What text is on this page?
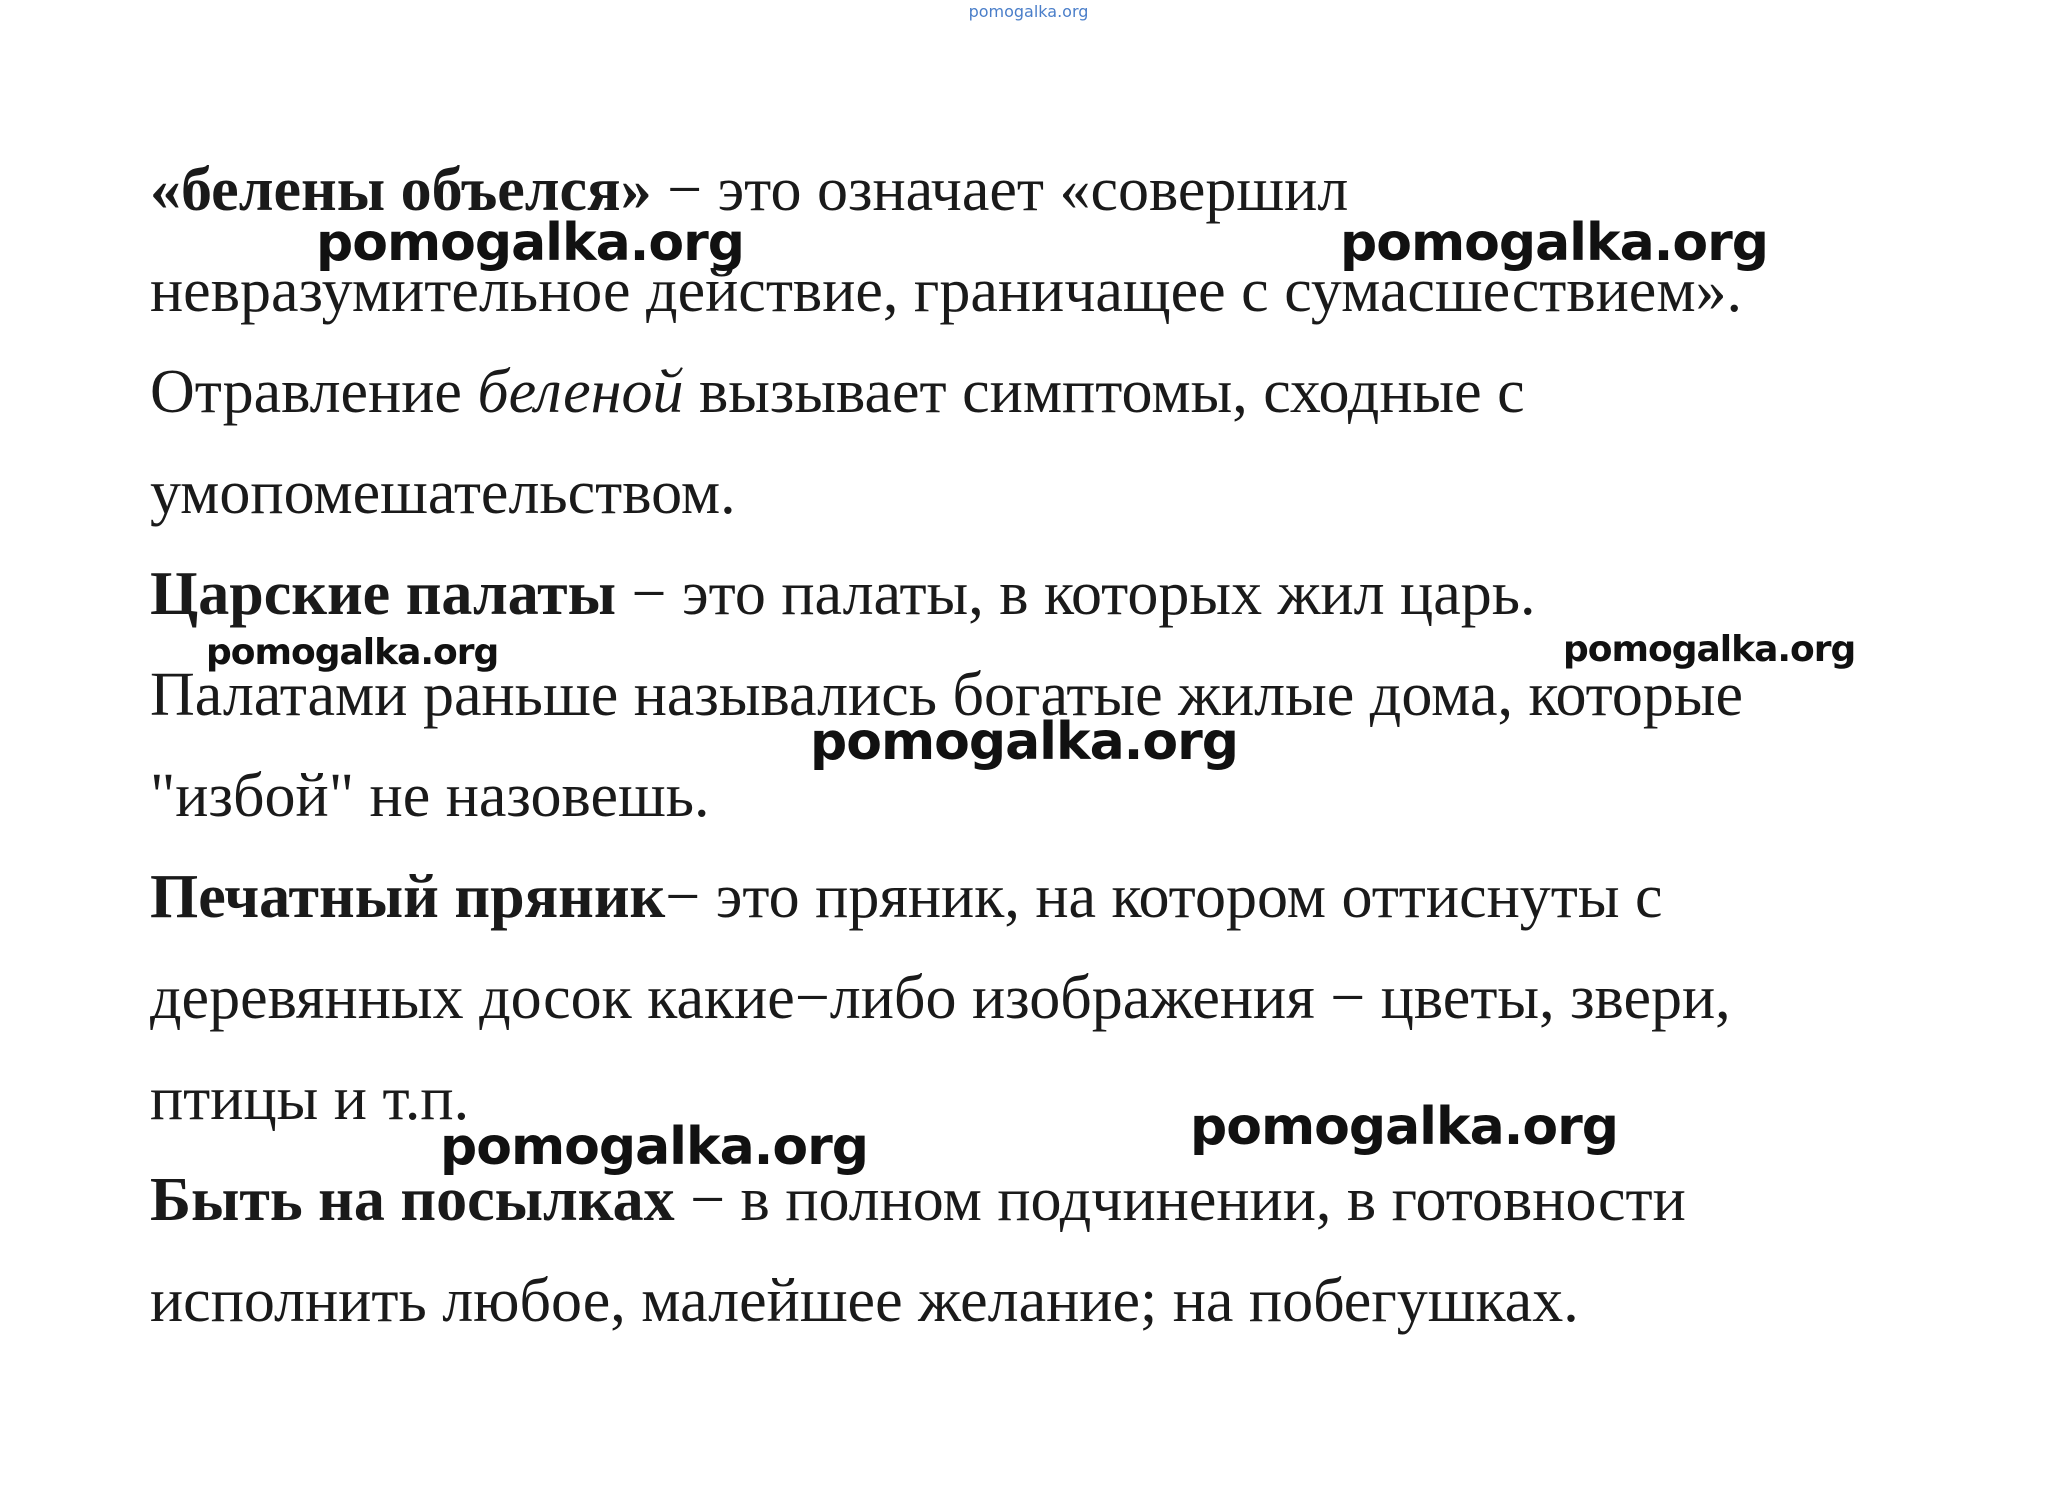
pomogalka.org
«белены объелся» − это означает «совершил
невразумительное действие, граничащее с сумасшествием».
Отравление беленой вызывает симптомы, сходные с
умопомешательством.
Царские палаты − это палаты, в которых жил царь.
Палатами раньше назывались богатые жилые дома, которые
"избой" не назовешь.
Печатный пряник− это пряник, на котором оттиснуты с
деревянных досок какие−либо изображения − цветы, звери,
птицы и т.п.
Быть на посылках − в полном подчинении, в готовности
исполнить любое, малейшее желание; на побегушках.
pomogalka.org	pomogalka.org
pomogalka.org	pomogalka.org
pomogalka.org
pomogalka.org
pomogalka.org
